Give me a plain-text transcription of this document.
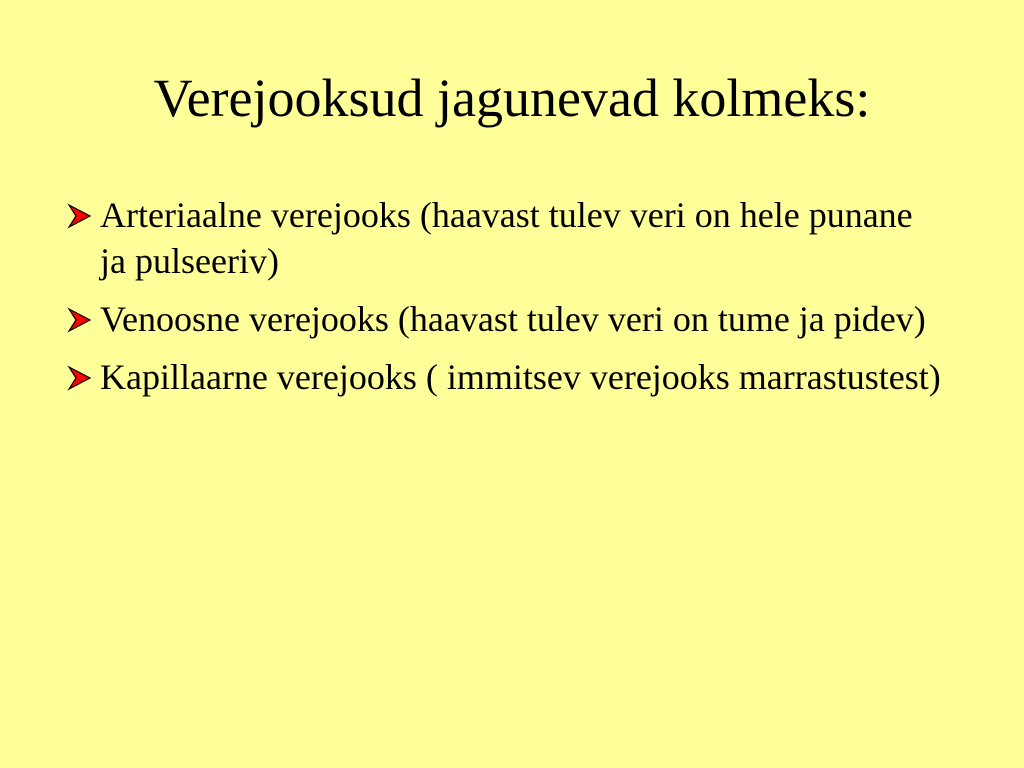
Verejooksud jagunevad kolmeks:
Arteriaalne verejooks (haavast tulev veri on hele punane ja pulseeriv)
Venoosne verejooks (haavast tulev veri on tume ja pidev)
Kapillaarne verejooks ( immitsev verejooks marrastustest)
